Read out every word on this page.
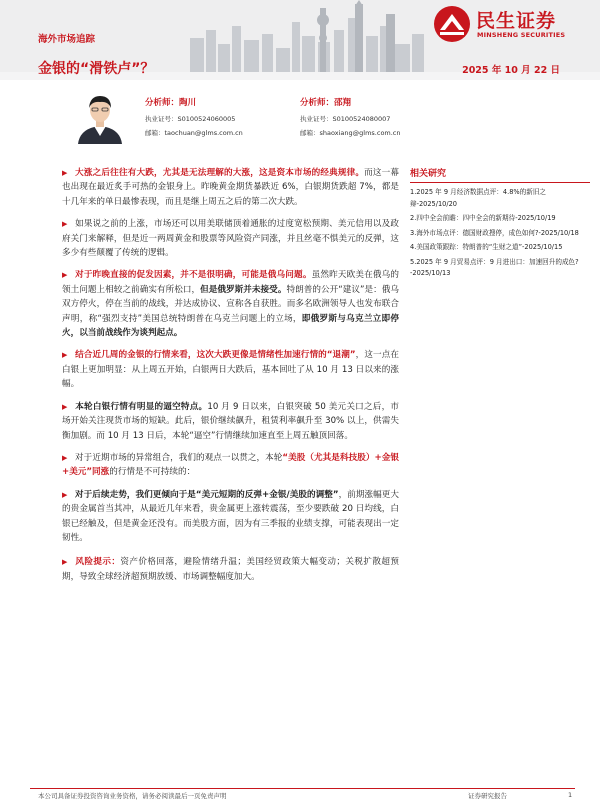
海外市场追踪
金银的“滑铁卢”？	2025 年 10 月 22 日
民生证券
MINSHENG SECURITIES
分析师：陶川
执业证号：S0100524060005
邮箱：taochuan@glms.com.cn
分析师：邵翔
执业证号：S0100524080007
邮箱：shaoxiang@glms.com.cn

▶ 大涨之后往往有大跌，尤其是无法理解的大涨，这是资本市场的经典规律。而这一幕也出现在最近炙手可热的金银身上。昨晚黄金期货暴跌近 6%，白银期货跌超 7%，都是十几年来的单日最惨表现，而且是继上周五之后的第二次大跌。

▶ 如果说之前的上涨，市场还可以用美联储顶着通胀的过度宽松预期、美元信用以及政府关门来解释，但是近一两周黄金和股票等风险资产同涨，并且丝毫不惧美元的反弹，这多少有些颠覆了传统的逻辑。

▶ 对于昨晚直接的促发因素，并不是很明确，可能是俄乌问题。虽然昨天欧美在俄乌的领土问题上相较之前确实有所松口，但是俄罗斯并未接受。特朗普的公开“建议”是：俄乌双方停火，停在当前的战线，并达成协议、宣称各自获胜。而多名欧洲领导人也发布联合声明，称“强烈支持”美国总统特朗普在乌克兰问题上的立场，即俄罗斯与乌克兰立即停火，以当前战线作为谈判起点。

▶ 结合近几周的金银的行情来看，这次大跌更像是情绪性加速行情的“退潮”，这一点在白银上更加明显：从上周五开始，白银两日大跌后，基本回吐了从 10 月 13 日以来的涨幅。

▶ 本轮白银行情有明显的逼空特点。10 月 9 日以来，白银突破 50 美元关口之后，市场开始关注现货市场的短缺。此后，银价继续飙升，租赁利率飙升至 30% 以上，供需失衡加剧。而 10 月 13 日后，本轮“逼空”行情继续加速直至上周五触顶回落。

▶ 对于近期市场的异常组合，我们的观点一以贯之，本轮“美股（尤其是科技股）+金银+美元”同涨的行情是不可持续的：

▶ 对于后续走势，我们更倾向于是“美元短期的反弹+金银/美股的调整”，前期涨幅更大的贵金属首当其冲，从最近几年来看，贵金属更上涨转震荡，至少要跌破 20 日均线，白银已经触及，但是黄金还没有。而美股方面，因为有三季报的业绩支撑，可能表现出一定韧性。

▶ 风险提示：资产价格回落，避险情绪升温；美国经贸政策大幅变动；关税扩散超预期，导致全球经济超预期放缓、市场调整幅度加大。

相关研究
1.2025 年 9 月经济数据点评：4.8%的新旧之辩-2025/10/20
2.四中全会前瞻：四中全会的新期待-2025/10/19
3.海外市场点评：德国财政搜停，成色如何?-2025/10/18
4.美国政策跟踪：特朗普的“生财之道”-2025/10/15
5.2025 年 9 月贸易点评：9 月进出口：加速回升的成色?-2025/10/13
本公司具备证券投资咨询业务资格，请务必阅读最后一页免责声明	证券研究报告	1
